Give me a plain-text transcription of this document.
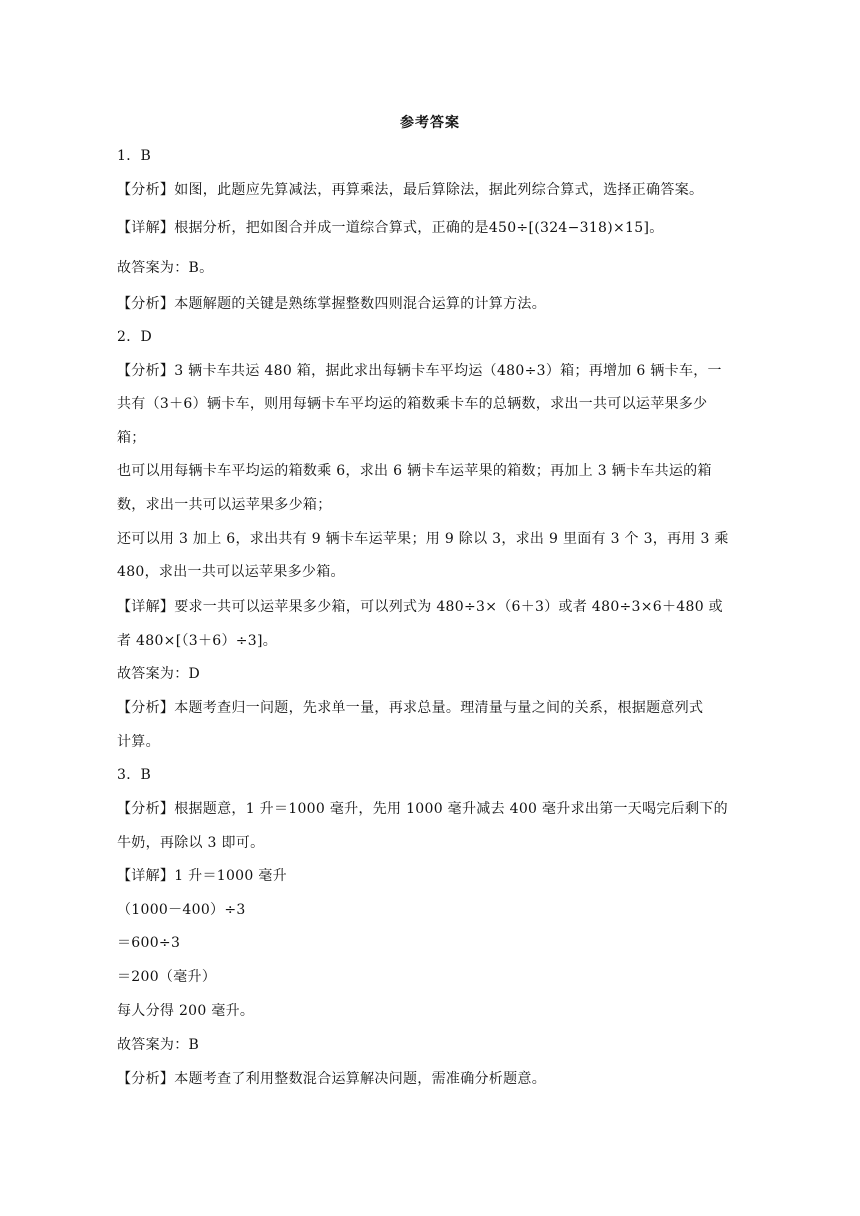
参考答案
1．B
【分析】如图，此题应先算减法，再算乘法，最后算除法，据此列综合算式，选择正确答案。
【详解】根据分析，把如图合并成一道综合算式，正确的是450÷[(324−318)×15]。
故答案为：B。
【分析】本题解题的关键是熟练掌握整数四则混合运算的计算方法。
2．D
【分析】3 辆卡车共运 480 箱，据此求出每辆卡车平均运（480÷3）箱；再增加 6 辆卡车，一
共有（3＋6）辆卡车，则用每辆卡车平均运的箱数乘卡车的总辆数，求出一共可以运苹果多少
箱；
也可以用每辆卡车平均运的箱数乘 6，求出 6 辆卡车运苹果的箱数；再加上 3 辆卡车共运的箱
数，求出一共可以运苹果多少箱；
还可以用 3 加上 6，求出共有 9 辆卡车运苹果；用 9 除以 3，求出 9 里面有 3 个 3，再用 3 乘
480，求出一共可以运苹果多少箱。
【详解】要求一共可以运苹果多少箱，可以列式为 480÷3×（6＋3）或者 480÷3×6＋480 或
者 480×[（3＋6）÷3]。
故答案为：D
【分析】本题考查归一问题，先求单一量，再求总量。理清量与量之间的关系，根据题意列式
计算。
3．B
【分析】根据题意，1 升＝1000 毫升，先用 1000 毫升减去 400 毫升求出第一天喝完后剩下的
牛奶，再除以 3 即可。
【详解】1 升＝1000 毫升
（1000－400）÷3
＝600÷3
＝200（毫升）
每人分得 200 毫升。
故答案为：B
【分析】本题考查了利用整数混合运算解决问题，需准确分析题意。
